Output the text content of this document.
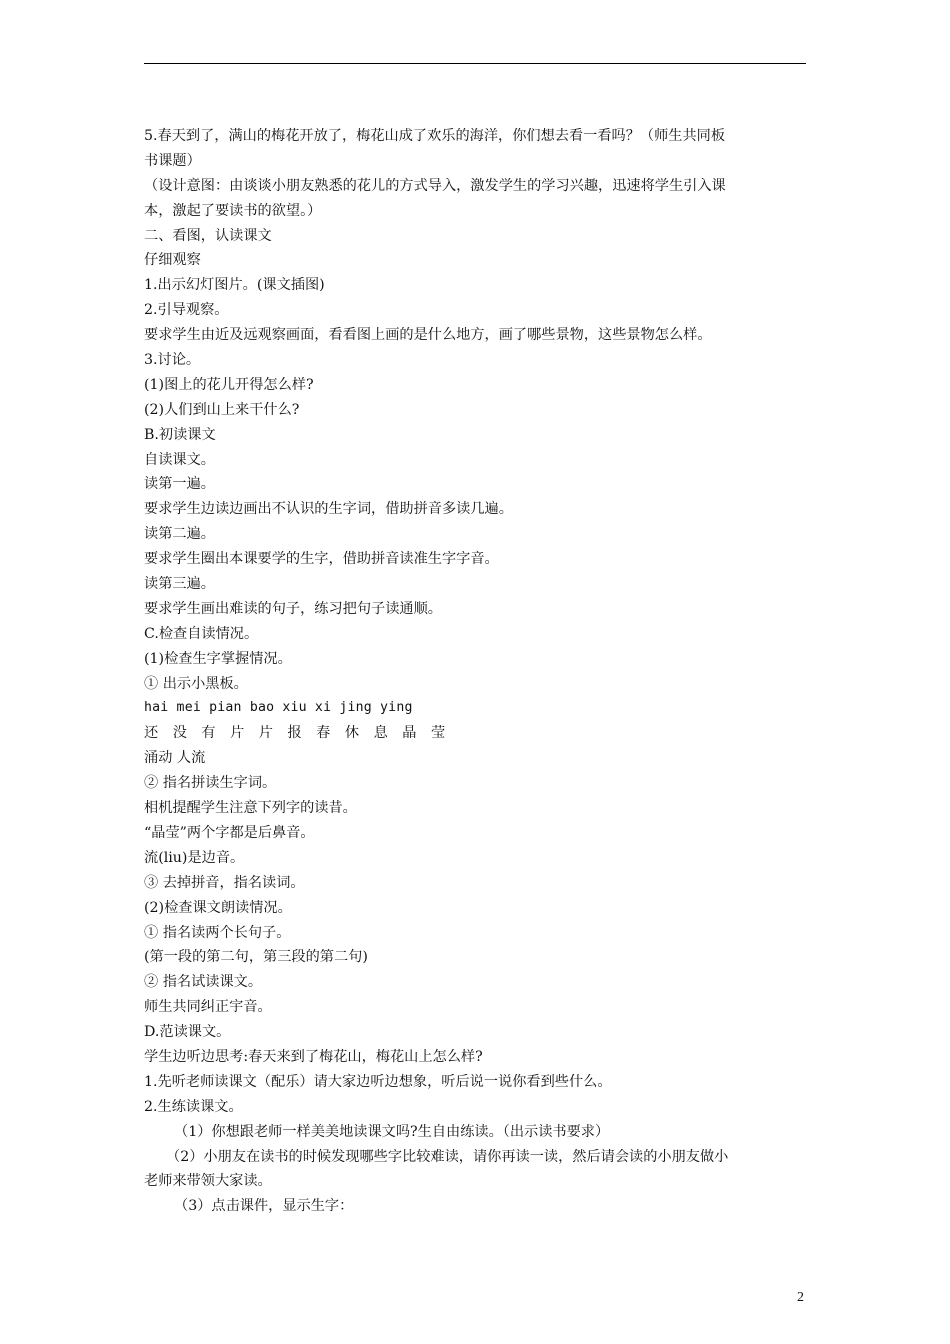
5.春天到了，满山的梅花开放了，梅花山成了欢乐的海洋，你们想去看一看吗？（师生共同板
书课题）
（设计意图：由谈谈小朋友熟悉的花儿的方式导入，激发学生的学习兴趣，迅速将学生引入课
本，激起了要读书的欲望。）
二、看图，认读课文
仔细观察
1.出示幻灯图片。(课文插图)
2.引导观察。
要求学生由近及远观察画面，看看图上画的是什么地方，画了哪些景物，这些景物怎么样。
3.讨论。
(1)图上的花儿开得怎么样?
(2)人们到山上来干什么?
B.初读课文
自读课文。
读第一遍。
要求学生边读边画出不认识的生字词，借助拼音多读几遍。
读第二遍。
要求学生圈出本课要学的生字，借助拼音读准生字字音。
读第三遍。
要求学生画出难读的句子，练习把句子读通顺。
C.检查自读情况。
(1)检查生字掌握情况。
① 出示小黑板。
hai mei pian bao xiu xi jing ying
还 没 有 片 片 报 春 休 息 晶 莹
涌动 人流
② 指名拼读生字词。
相机提醒学生注意下列字的读昔。
“晶莹”两个字都是后鼻音。
流(liu)是边音。
③ 去掉拼音，指名读词。
(2)检查课文朗读情况。
① 指名读两个长句子。
(第一段的第二句，第三段的第二句)
② 指名试读课文。
师生共同纠正宇音。
D.范读课文。
学生边听边思考:春天来到了梅花山，梅花山上怎么样?
1.先听老师读课文（配乐）请大家边听边想象，听后说一说你看到些什么。
2.生练读课文。
（1）你想跟老师一样美美地读课文吗?生自由练读。（出示读书要求）
（2）小朋友在读书的时候发现哪些字比较难读，请你再读一读，然后请会读的小朋友做小
老师来带领大家读。
（3）点击课件，显示生字：
2
